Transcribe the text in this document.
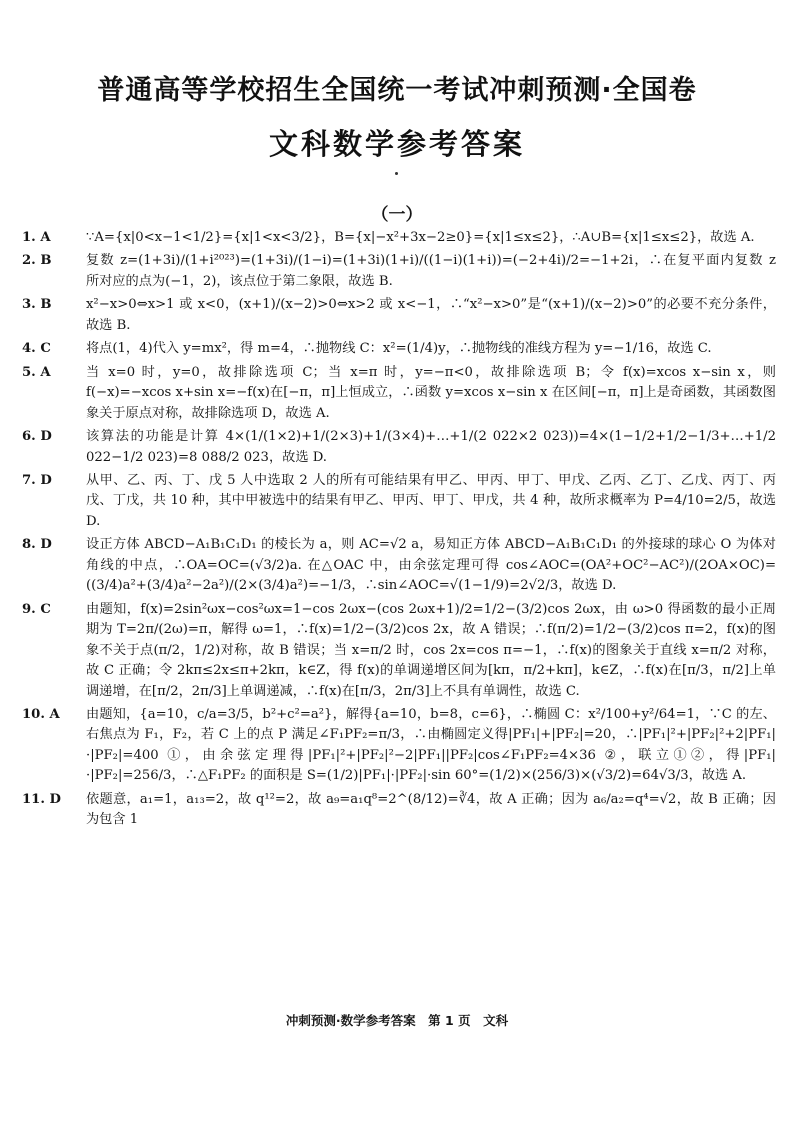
普通高等学校招生全国统一考试冲刺预测·全国卷
文科数学参考答案
（一）
1. A	∵A={x|0<x−1<1/2}={x|1<x<3/2}，B={x|−x²+3x−2≥0}={x|1≤x≤2}，∴A∪B={x|1≤x≤2}，故选 A.

2. B	复数 z=(1+3i)/(1+i²⁰²³)=(1+3i)/(1−i)=(1+3i)(1+i)/((1−i)(1+i))=(−2+4i)/2=−1+2i，∴在复平面内复数 z 所对应的点为(−1，2)，该点位于第二象限，故选 B.

3. B	x²−x>0⇔x>1 或 x<0，(x+1)/(x−2)>0⇔x>2 或 x<−1，∴“x²−x>0”是“(x+1)/(x−2)>0”的必要不充分条件，故选 B.

4. C	将点(1，4)代入 y=mx²，得 m=4，∴抛物线 C：x²=(1/4)y，∴抛物线的准线方程为 y=−1/16，故选 C.

5. A	当 x=0 时，y=0，故排除选项 C；当 x=π 时，y=−π<0，故排除选项 B；令 f(x)=xcos x−sin x，则 f(−x)=−xcos x+sin x=−f(x)在[−π，π]上恒成立，∴函数 y=xcos x−sin x 在区间[−π，π]上是奇函数，其函数图象关于原点对称，故排除选项 D，故选 A.

6. D	该算法的功能是计算 4×(1/(1×2)+1/(2×3)+1/(3×4)+…+1/(2 022×2 023))=4×(1−1/2+1/2−1/3+…+1/2 022−1/2 023)=8 088/2 023，故选 D.

7. D	从甲、乙、丙、丁、戊 5 人中选取 2 人的所有可能结果有甲乙、甲丙、甲丁、甲戊、乙丙、乙丁、乙戊、丙丁、丙戊、丁戊，共 10 种，其中甲被选中的结果有甲乙、甲丙、甲丁、甲戊，共 4 种，故所求概率为 P=4/10=2/5，故选 D.

8. D	设正方体 ABCD−A₁B₁C₁D₁ 的棱长为 a，则 AC=√2 a，易知正方体 ABCD−A₁B₁C₁D₁ 的外接球的球心 O 为体对角线的中点，∴OA=OC=(√3/2)a. 在△OAC 中，由余弦定理可得 cos∠AOC=(OA²+OC²−AC²)/(2OA×OC)=((3/4)a²+(3/4)a²−2a²)/(2×(3/4)a²)=−1/3，∴sin∠AOC=√(1−1/9)=2√2/3，故选 D.

9. C	由题知，f(x)=2sin²ωx−cos²ωx=1−cos 2ωx−(cos 2ωx+1)/2=1/2−(3/2)cos 2ωx，由 ω>0 得函数的最小正周期为 T=2π/(2ω)=π，解得 ω=1，∴f(x)=1/2−(3/2)cos 2x，故 A 错误；∴f(π/2)=1/2−(3/2)cos π=2，f(x)的图象不关于点(π/2，1/2)对称，故 B 错误；当 x=π/2 时，cos 2x=cos π=−1，∴f(x)的图象关于直线 x=π/2 对称，故 C 正确；令 2kπ≤2x≤π+2kπ，k∈Z，得 f(x)的单调递增区间为[kπ，π/2+kπ]，k∈Z，∴f(x)在[π/3，π/2]上单调递增，在[π/2，2π/3]上单调递减，∴f(x)在[π/3，2π/3]上不具有单调性，故选 C.

10. A	由题知，{a=10，c/a=3/5，b²+c²=a²}，解得{a=10，b=8，c=6}，∴椭圆 C：x²/100+y²/64=1，∵C 的左、右焦点为 F₁，F₂，若 C 上的点 P 满足∠F₁PF₂=π/3，∴由椭圆定义得|PF₁|+|PF₂|=20，∴|PF₁|²+|PF₂|²+2|PF₁|·|PF₂|=400 ①，由余弦定理得|PF₁|²+|PF₂|²−2|PF₁||PF₂|cos∠F₁PF₂=4×36 ②，联立①②，得|PF₁|·|PF₂|=256/3，∴△F₁PF₂ 的面积是 S=(1/2)|PF₁|·|PF₂|·sin 60°=(1/2)×(256/3)×(√3/2)=64√3/3，故选 A.

11. D	依题意，a₁=1，a₁₃=2，故 q¹²=2，故 a₉=a₁q⁸=2^(8/12)=∛4，故 A 正确；因为 a₆/a₂=q⁴=√2，故 B 正确；因为包含 1

冲刺预测·数学参考答案　第 1 页　文科
